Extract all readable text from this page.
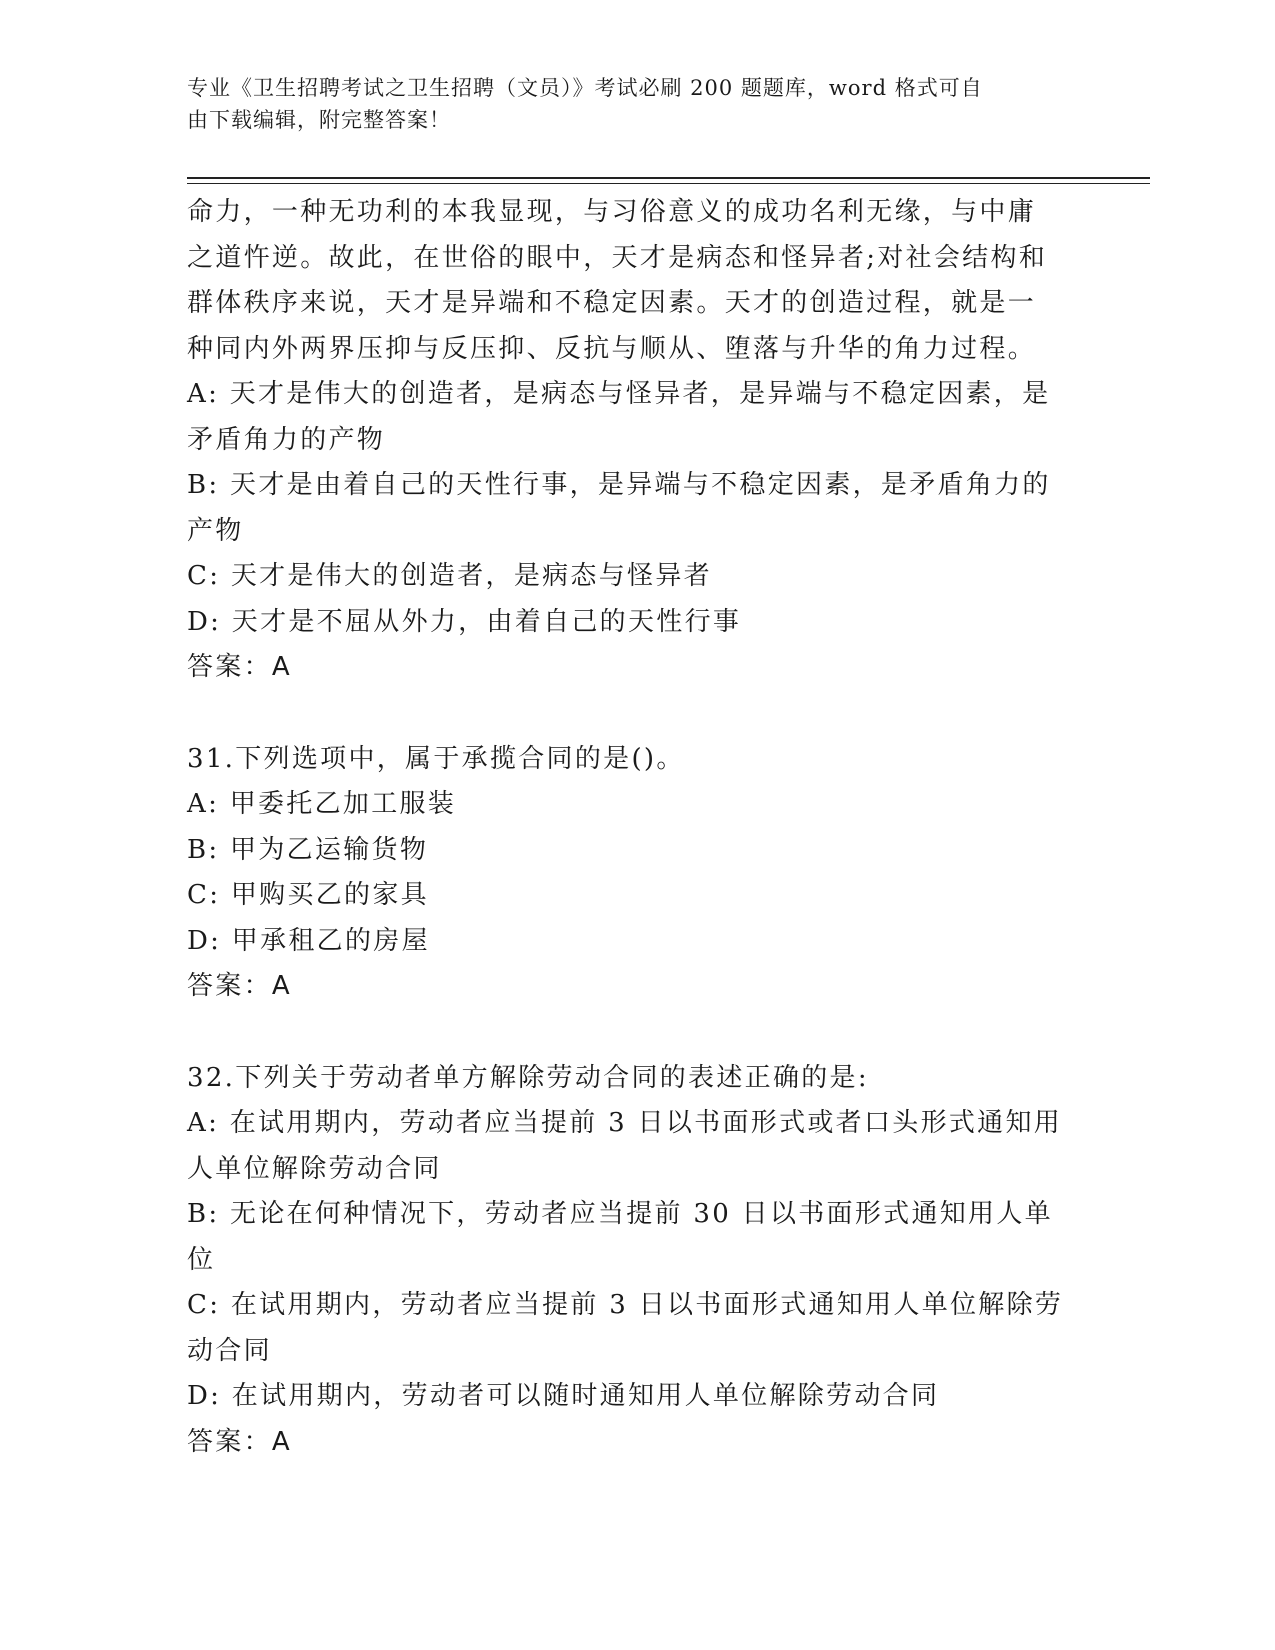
专业《卫生招聘考试之卫生招聘（文员）》考试必刷 200 题题库，word 格式可自
由下载编辑，附完整答案！
命力，一种无功利的本我显现，与习俗意义的成功名利无缘，与中庸
之道忤逆。故此，在世俗的眼中，天才是病态和怪异者;对社会结构和
群体秩序来说，天才是异端和不稳定因素。天才的创造过程，就是一
种同内外两界压抑与反压抑、反抗与顺从、堕落与升华的角力过程。
A: 天才是伟大的创造者，是病态与怪异者，是异端与不稳定因素，是
矛盾角力的产物
B: 天才是由着自己的天性行事，是异端与不稳定因素，是矛盾角力的
产物
C: 天才是伟大的创造者，是病态与怪异者
D: 天才是不屈从外力，由着自己的天性行事
答案：A
31.下列选项中，属于承揽合同的是()。
A: 甲委托乙加工服装
B: 甲为乙运输货物
C: 甲购买乙的家具
D: 甲承租乙的房屋
答案：A
32.下列关于劳动者单方解除劳动合同的表述正确的是:
A: 在试用期内，劳动者应当提前 3 日以书面形式或者口头形式通知用
人单位解除劳动合同
B: 无论在何种情况下，劳动者应当提前 30 日以书面形式通知用人单
位
C: 在试用期内，劳动者应当提前 3 日以书面形式通知用人单位解除劳
动合同
D: 在试用期内，劳动者可以随时通知用人单位解除劳动合同
答案：A
